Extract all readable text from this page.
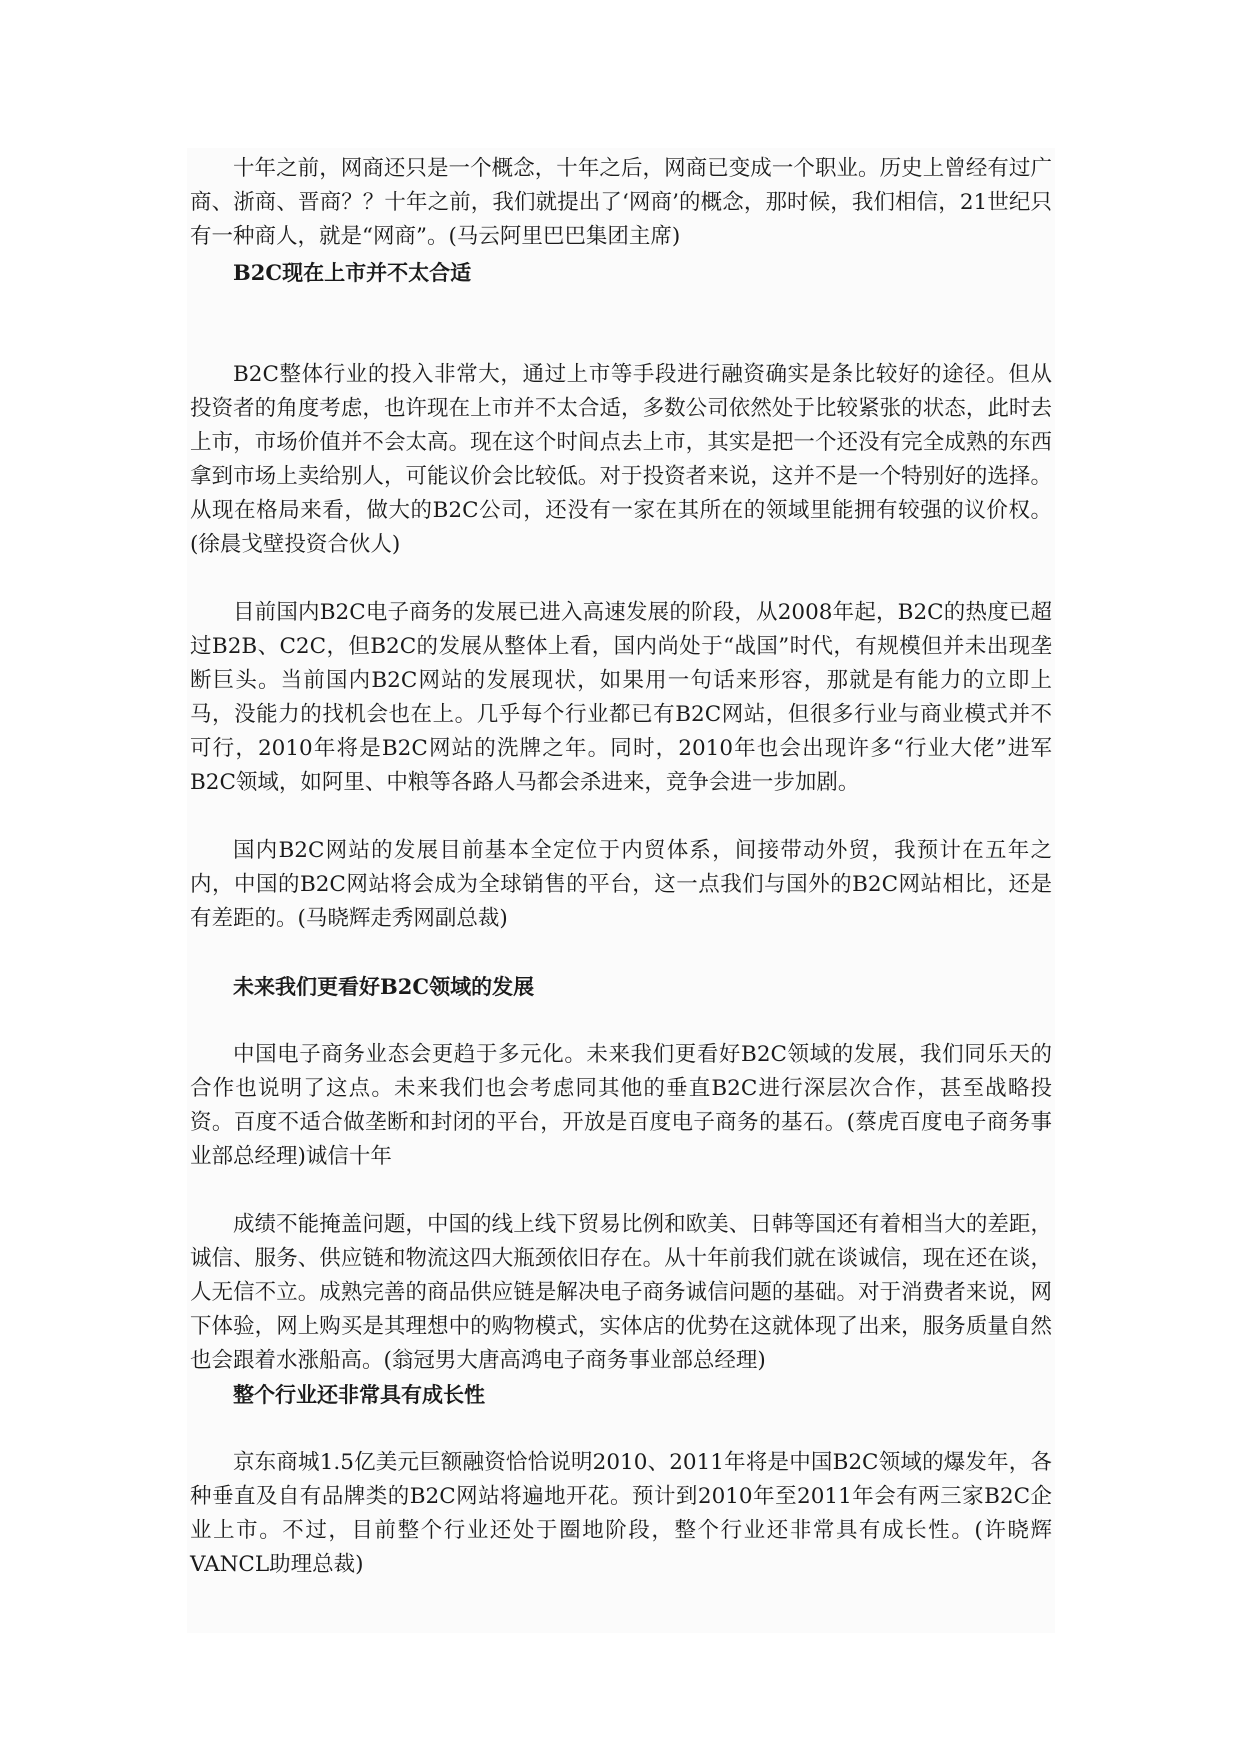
十年之前，网商还只是一个概念，十年之后，网商已变成一个职业。历史上曾经有过广商、浙商、晋商？？十年之前，我们就提出了‘网商’的概念，那时候，我们相信，21世纪只有一种商人，就是“网商”。(马云阿里巴巴集团主席)

B2C现在上市并不太合适

B2C整体行业的投入非常大，通过上市等手段进行融资确实是条比较好的途径。但从投资者的角度考虑，也许现在上市并不太合适，多数公司依然处于比较紧张的状态，此时去上市，市场价值并不会太高。现在这个时间点去上市，其实是把一个还没有完全成熟的东西拿到市场上卖给别人，可能议价会比较低。对于投资者来说，这并不是一个特别好的选择。从现在格局来看，做大的B2C公司，还没有一家在其所在的领域里能拥有较强的议价权。(徐晨戈壁投资合伙人)

目前国内B2C电子商务的发展已进入高速发展的阶段，从2008年起，B2C的热度已超过B2B、C2C，但B2C的发展从整体上看，国内尚处于“战国”时代，有规模但并未出现垄断巨头。当前国内B2C网站的发展现状，如果用一句话来形容，那就是有能力的立即上马，没能力的找机会也在上。几乎每个行业都已有B2C网站，但很多行业与商业模式并不可行，2010年将是B2C网站的洗牌之年。同时，2010年也会出现许多“行业大佬”进军B2C领域，如阿里、中粮等各路人马都会杀进来，竞争会进一步加剧。

国内B2C网站的发展目前基本全定位于内贸体系，间接带动外贸，我预计在五年之内，中国的B2C网站将会成为全球销售的平台，这一点我们与国外的B2C网站相比，还是有差距的。(马晓辉走秀网副总裁)

未来我们更看好B2C领域的发展

中国电子商务业态会更趋于多元化。未来我们更看好B2C领域的发展，我们同乐天的合作也说明了这点。未来我们也会考虑同其他的垂直B2C进行深层次合作，甚至战略投资。百度不适合做垄断和封闭的平台，开放是百度电子商务的基石。(蔡虎百度电子商务事业部总经理)诚信十年

成绩不能掩盖问题，中国的线上线下贸易比例和欧美、日韩等国还有着相当大的差距，诚信、服务、供应链和物流这四大瓶颈依旧存在。从十年前我们就在谈诚信，现在还在谈，人无信不立。成熟完善的商品供应链是解决电子商务诚信问题的基础。对于消费者来说，网下体验，网上购买是其理想中的购物模式，实体店的优势在这就体现了出来，服务质量自然也会跟着水涨船高。(翁冠男大唐高鸿电子商务事业部总经理)

整个行业还非常具有成长性

京东商城1.5亿美元巨额融资恰恰说明2010、2011年将是中国B2C领域的爆发年，各种垂直及自有品牌类的B2C网站将遍地开花。预计到2010年至2011年会有两三家B2C企业上市。不过，目前整个行业还处于圈地阶段，整个行业还非常具有成长性。(许晓辉VANCL助理总裁)
